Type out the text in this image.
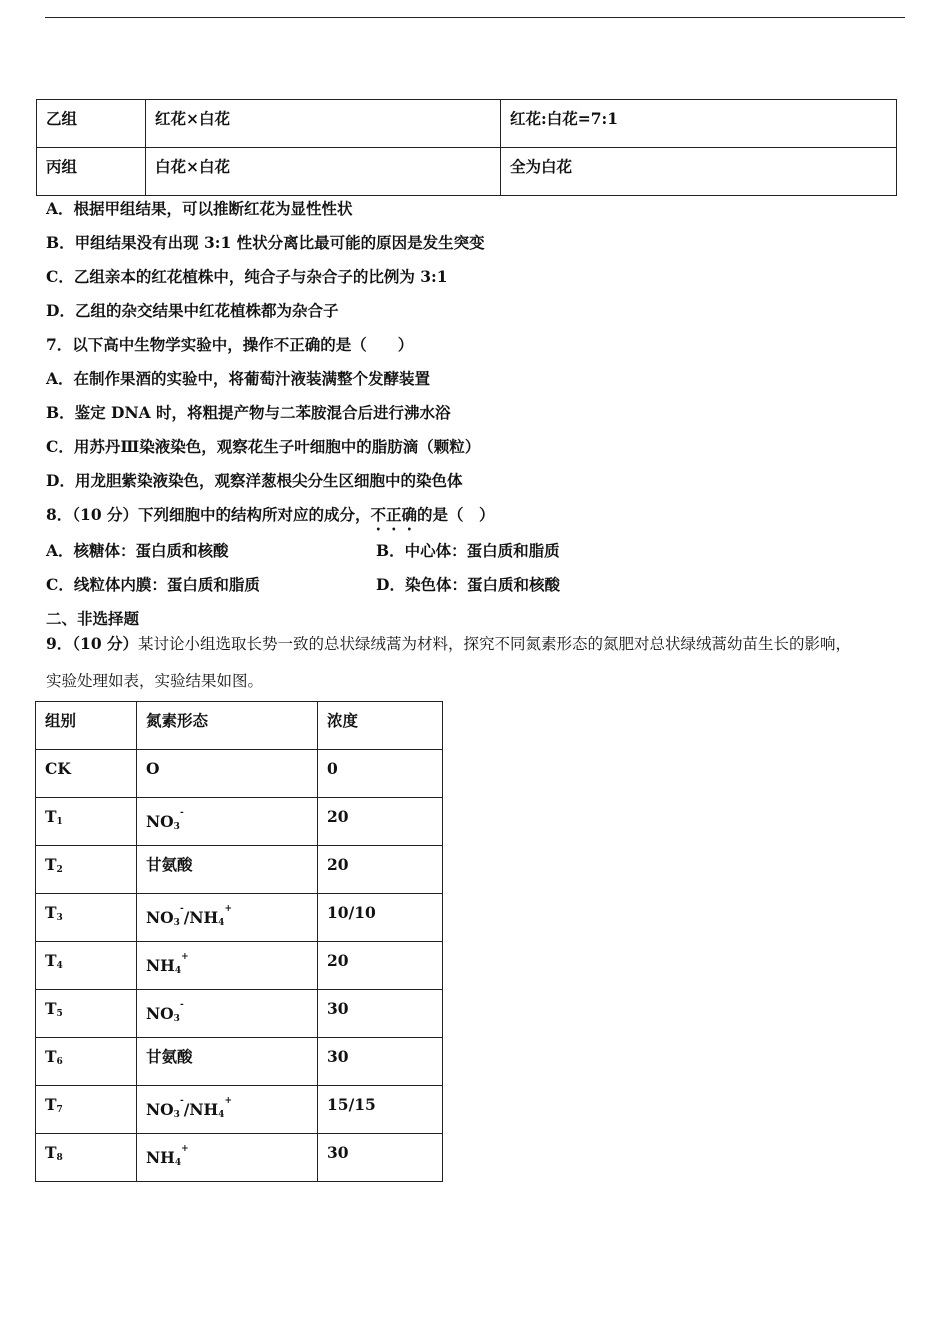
乙组	红花×白花	红花:白花=7:1
丙组	白花×白花	全为白花
A．根据甲组结果，可以推断红花为显性性状
B．甲组结果没有出现 3:1 性状分离比最可能的原因是发生突变
C．乙组亲本的红花植株中，纯合子与杂合子的比例为 3:1
D．乙组的杂交结果中红花植株都为杂合子
7．以下高中生物学实验中，操作不正确的是（　　）
A．在制作果酒的实验中，将葡萄汁液装满整个发酵装置
B．鉴定 DNA 时，将粗提产物与二苯胺混合后进行沸水浴
C．用苏丹Ⅲ染液染色，观察花生子叶细胞中的脂肪滴（颗粒）
D．用龙胆紫染液染色，观察洋葱根尖分生区细胞中的染色体
8．（10 分）下列细胞中的结构所对应的成分，不正确的是（　）
A．核糖体：蛋白质和核酸	B．中心体：蛋白质和脂质
C．线粒体内膜：蛋白质和脂质	D．染色体：蛋白质和核酸
二、非选择题
9．（10 分）某讨论小组选取长势一致的总状绿绒蒿为材料，探究不同氮素形态的氮肥对总状绿绒蒿幼苗生长的影响，
实验处理如表，实验结果如图。
组别	氮素形态	浓度
CK	O	0
$T_1$	$NO_3^{^-}$	20
$T_2$	甘氨酸	20
$T_3$	$NO_3^{^-}/NH_4^{^+}$	10/10
$T_4$	$NH_4^{^+}$	20
$T_5$	$NO_3^{^-}$	30
$T_6$	甘氨酸	30
$T_7$	$NO_3^{^-}/NH_4^{^+}$	15/15
$T_8$	$NH_4^{^+}$	30
